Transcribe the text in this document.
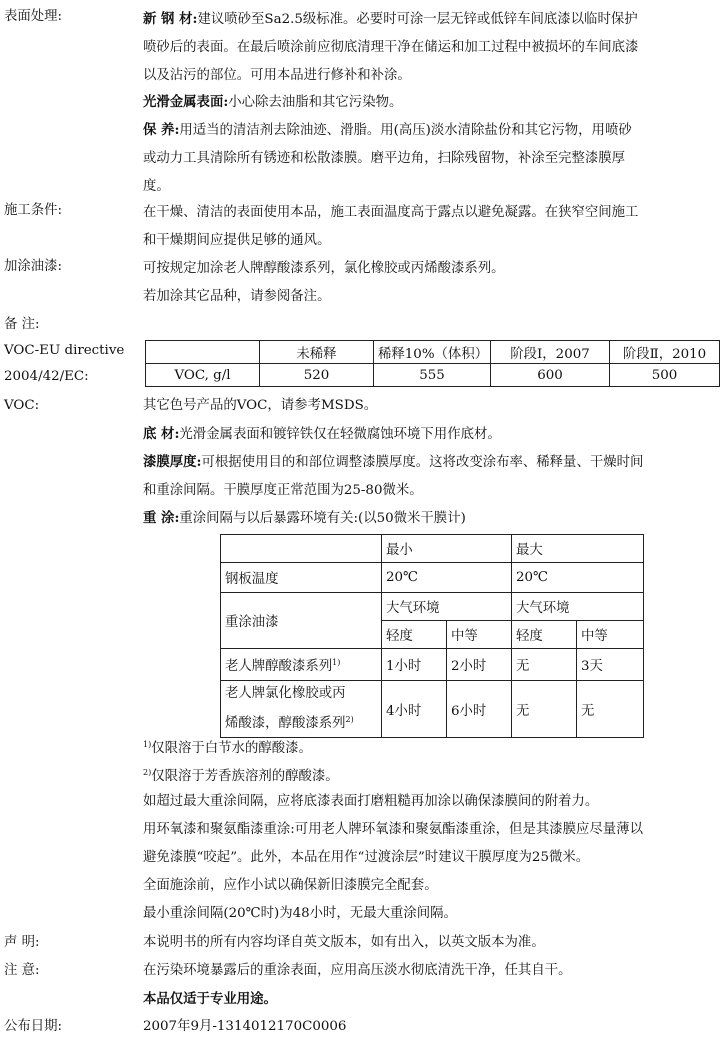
表面处理:	新 钢 材:建议喷砂至Sa2.5级标准。必要时可涂一层无锌或低锌车间底漆以临时保护
喷砂后的表面。在最后喷涂前应彻底清理干净在储运和加工过程中被损坏的车间底漆
以及沾污的部位。可用本品进行修补和补涂。
光滑金属表面:小心除去油脂和其它污染物。
保 养:用适当的清洁剂去除油迹、滑脂。用(高压)淡水清除盐份和其它污物，用喷砂
或动力工具清除所有锈迹和松散漆膜。磨平边角，扫除残留物，补涂至完整漆膜厚
度。
施工条件:	在干燥、清洁的表面使用本品，施工表面温度高于露点以避免凝露。在狭窄空间施工
和干燥期间应提供足够的通风。
加涂油漆:	可按规定加涂老人牌醇酸漆系列，氯化橡胶或丙烯酸漆系列。
若加涂其它品种，请参阅备注。
备 注:
VOC-EU directive
2004/42/EC:
	未稀释	稀释10%（体积）	阶段Ⅰ，2007	阶段Ⅱ，2010
VOC, g/l	520	555	600	500
VOC:	其它色号产品的VOC，请参考MSDS。
底 材:光滑金属表面和镀锌铁仅在轻微腐蚀环境下用作底材。
漆膜厚度:可根据使用目的和部位调整漆膜厚度。这将改变涂布率、稀释量、干燥时间
和重涂间隔。干膜厚度正常范围为25-80微米。
重 涂:重涂间隔与以后暴露环境有关:(以50微米干膜计)
	最小		最大	
钢板温度	20℃		20℃	
重涂油漆	大气环境		大气环境	
	轻度	中等	轻度	中等
老人牌醇酸漆系列$^{1)}$	1小时	2小时	无	3天

老人牌氯化橡胶或丙
烯酸漆，醇酸漆系列$^{2)}$	4小时	6小时	无	无
$^{1)}$仅限溶于白节水的醇酸漆。
$^{2)}$仅限溶于芳香族溶剂的醇酸漆。
如超过最大重涂间隔，应将底漆表面打磨粗糙再加涂以确保漆膜间的附着力。
用环氧漆和聚氨酯漆重涂:可用老人牌环氧漆和聚氨酯漆重涂，但是其漆膜应尽量薄以
避免漆膜“咬起”。此外，本品在用作“过渡涂层”时建议干膜厚度为25微米。
全面施涂前，应作小试以确保新旧漆膜完全配套。
最小重涂间隔(20℃时)为48小时，无最大重涂间隔。
声 明:	本说明书的所有内容均译自英文版本，如有出入，以英文版本为准。
注 意:	在污染环境暴露后的重涂表面，应用高压淡水彻底清洗干净，任其自干。
本品仅适于专业用途。
公布日期:	2007年9月-1314012170C0006
